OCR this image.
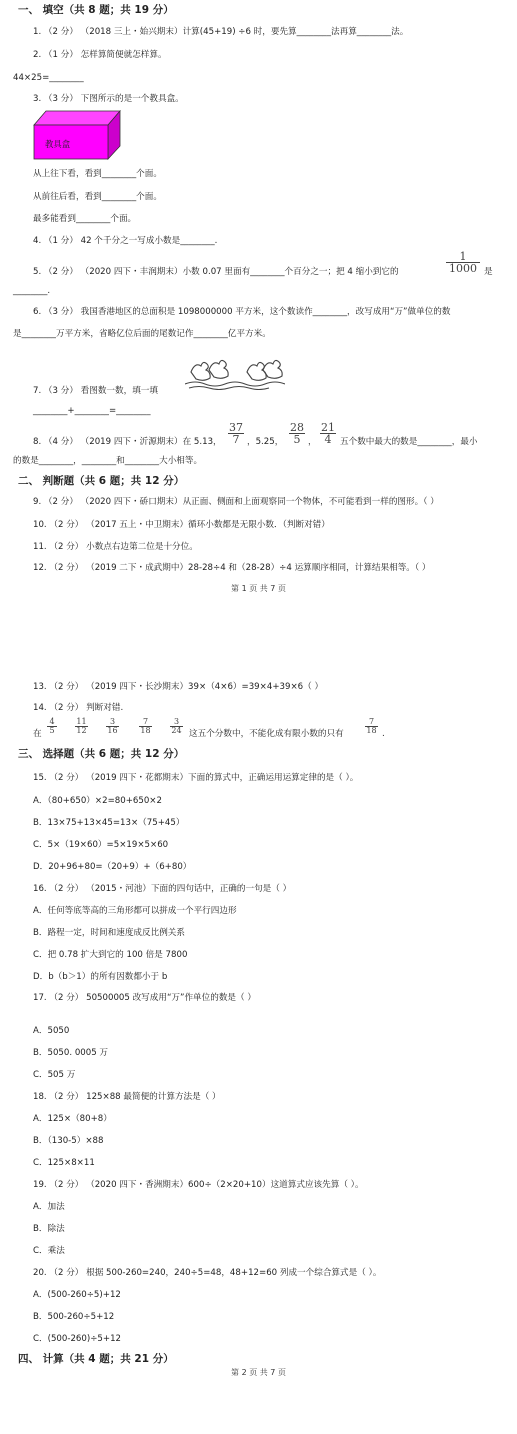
一、 填空（共 8 题；共 19 分）
1. （2 分） （2018 三上・始兴期末）计算(45+19) ÷6 时，要先算________法再算________法。
2. （1 分） 怎样算简便就怎样算。
44×25=________
3. （3 分） 下图所示的是一个教具盒。
教具盒
从上往下看，看到________个面。
从前往后看，看到________个面。
最多能看到________个面。
4. （1 分） 42 个千分之一写成小数是________.
5. （2 分） （2020 四下・丰润期末）小数 0.07 里面有________个百分之一；把 4 缩小到它的	$\frac{1}{1000}$ 是
________.
6. （3 分） 我国香港地区的总面积是 1098000000 平方米，这个数读作________，改写成用“万”做单位的数
是________万平方米，省略亿位后面的尾数记作________亿平方米。
7. （3 分） 看图数一数，填一填
________+________=________
8. （4 分） （2019 四下・沂源期末）在 5.13， $\frac{37}{7}$ ，5.25， $\frac{28}{5}$ ， $\frac{21}{4}$ 五个数中最大的数是________，最小
的数是________，________和________大小相等。
二、 判断题（共 6 题；共 12 分）
9. （2 分） （2020 四下・硚口期末）从正面、侧面和上面观察同一个物体，不可能看到一样的图形。（ ）
10. （2 分） （2017 五上・中卫期末）循环小数都是无限小数．（判断对错）
11. （2 分） 小数点右边第二位是十分位。
12. （2 分） （2019 二下・成武期中）28-28÷4 和（28-28）÷4 运算顺序相同，计算结果相等。（ ）
第 1 页 共 7 页
13. （2 分） （2019 四下・长沙期末）39×（4×6）=39×4+39×6（ ）
14. （2 分） 判断对错.
在 $\frac{4}{5} \frac{11}{12} \frac{3}{16}$	$\frac{7}{18} \frac{3}{24}$ 这五个分数中，不能化成有限小数的只有	$\frac{7}{18}$ .
三、 选择题（共 6 题；共 12 分）
15. （2 分） （2019 四下・花都期末）下面的算式中，正确运用运算定律的是（ ）。
A．（80+650）×2=80+650×2
B．13×75+13×45=13×（75+45）
C．5×（19×60）=5×19×5×60
D．20+96+80=（20+9）+（6+80）
16. （2 分） （2015・河池）下面的四句话中，正确的一句是（ ）
A．任何等底等高的三角形都可以拼成一个平行四边形
B．路程一定，时间和速度成反比例关系
C．把 0.78 扩大到它的 100 倍是 7800
D．b（b＞1）的所有因数都小于 b
17. （2 分） 50500005 改写成用“万”作单位的数是（ ）
A．5050
B．5050. 0005 万
C．505 万
18. （2 分） 125×88 最简便的计算方法是（ ）
A．125×（80+8）
B．（130-5）×88
C．125×8×11
19. （2 分） （2020 四下・香洲期末）600÷（2×20+10）这道算式应该先算（ ）。
A．加法
B．除法
C．乘法
20. （2 分） 根据 500-260=240，240÷5=48，48+12=60 列成一个综合算式是（ ）。
A．(500-260÷5)+12
B．500-260÷5+12
C．(500-260)÷5+12
四、 计算（共 4 题；共 21 分）
第 2 页 共 7 页
